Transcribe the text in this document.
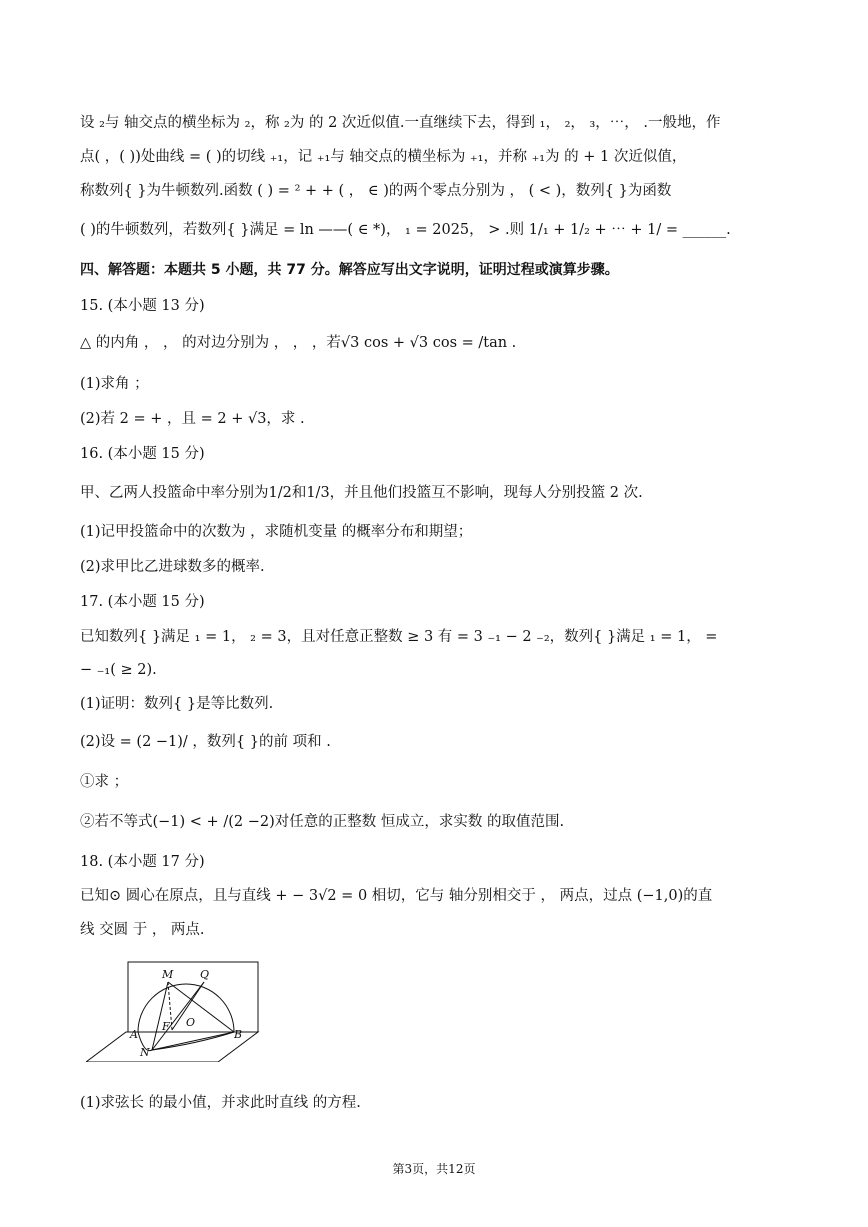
设 ₂与 轴交点的横坐标为 ₂，称 ₂为 的 2 次近似值.一直继续下去，得到 ₁， ₂， ₃，⋯， .一般地，作
点( ，( ))处曲线 = ( )的切线 ₊₁，记 ₊₁与 轴交点的横坐标为 ₊₁，并称 ₊₁为 的 + 1 次近似值，
称数列{ }为牛顿数列.函数 ( ) = ² + + ( ， ∈ )的两个零点分别为 ， ( < )，数列{ }为函数
( )的牛顿数列，若数列{ }满足 = ln ——( ∈ *)， ₁ = 2025， > .则 1/₁ + 1/₂ + ⋯ + 1/ = ______.
四、解答题：本题共 5 小题，共 77 分。解答应写出文字说明，证明过程或演算步骤。
15. (本小题 13 分)
△ 的内角 ， ， 的对边分别为 ， ， ，若√3 cos + √3 cos = /tan .
(1)求角 ；
(2)若 2 = + ，且 = 2 + √3，求 .
16. (本小题 15 分)
甲、乙两人投篮命中率分别为1/2和1/3，并且他们投篮互不影响，现每人分别投篮 2 次.
(1)记甲投篮命中的次数为 ，求随机变量 的概率分布和期望；
(2)求甲比乙进球数多的概率.
17. (本小题 15 分)
已知数列{ }满足 ₁ = 1， ₂ = 3，且对任意正整数 ≥ 3 有 = 3 ₋₁ − 2 ₋₂，数列{ }满足 ₁ = 1， =
− ₋₁( ≥ 2).
(1)证明：数列{ }是等比数列.
(2)设 = (2 −1)/ ，数列{ }的前 项和 .
①求 ；
②若不等式(−1) < + /(2 −2)对任意的正整数 恒成立，求实数 的取值范围.
18. (本小题 17 分)
已知⊙ 圆心在原点，且与直线 + − 3√2 = 0 相切，它与 轴分别相交于 ， 两点，过点 (−1,0)的直
线 交圆 于 ， 两点.
M Q
F O
A	B
N
(1)求弦长 的最小值，并求此时直线 的方程.
第3页，共12页
